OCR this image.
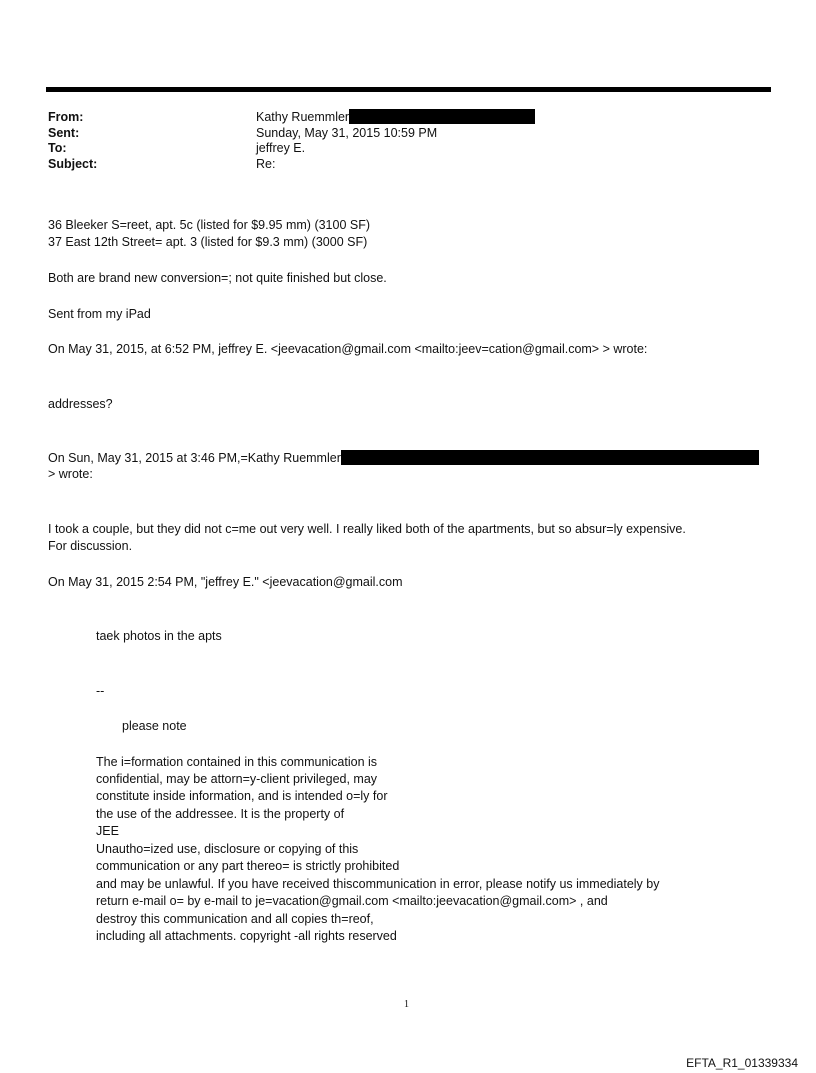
From:	Kathy Ruemmler
Sent:	Sunday, May 31, 2015 10:59 PM
To:	jeffrey E.
Subject:	Re:
36 Bleeker S=reet, apt. 5c (listed for $9.95 mm) (3100 SF)
37 East 12th Street= apt. 3 (listed for $9.3 mm) (3000 SF)
Both are brand new conversion=; not quite finished but close.
Sent from my iPad
On May 31, 2015, at 6:52 PM, jeffrey E. <jeevacation@gmail.com <mailto:jeev=cation@gmail.com> > wrote:
addresses?
On Sun, May 31, 2015 at 3:46 PM,=Kathy Ruemmler
> wrote:
I took a couple, but they did not c=me out very well. I really liked both of the apartments, but so absur=ly expensive.
For discussion.
On May 31, 2015 2:54 PM, "jeffrey E." <jeevacation@gmail.com
taek photos in the apts
--
please note
The i=formation contained in this communication is
confidential, may be attorn=y-client privileged, may
constitute inside information, and is intended o=ly for
the use of the addressee. It is the property of
JEE
Unautho=ized use, disclosure or copying of this
communication or any part thereo= is strictly prohibited
and may be unlawful. If you have received thiscommunication in error, please notify us immediately by
return e-mail o= by e-mail to je=vacation@gmail.com <mailto:jeevacation@gmail.com> , and
destroy this communication and all copies th=reof,
including all attachments. copyright -all rights reserved
1
EFTA_R1_01339334
